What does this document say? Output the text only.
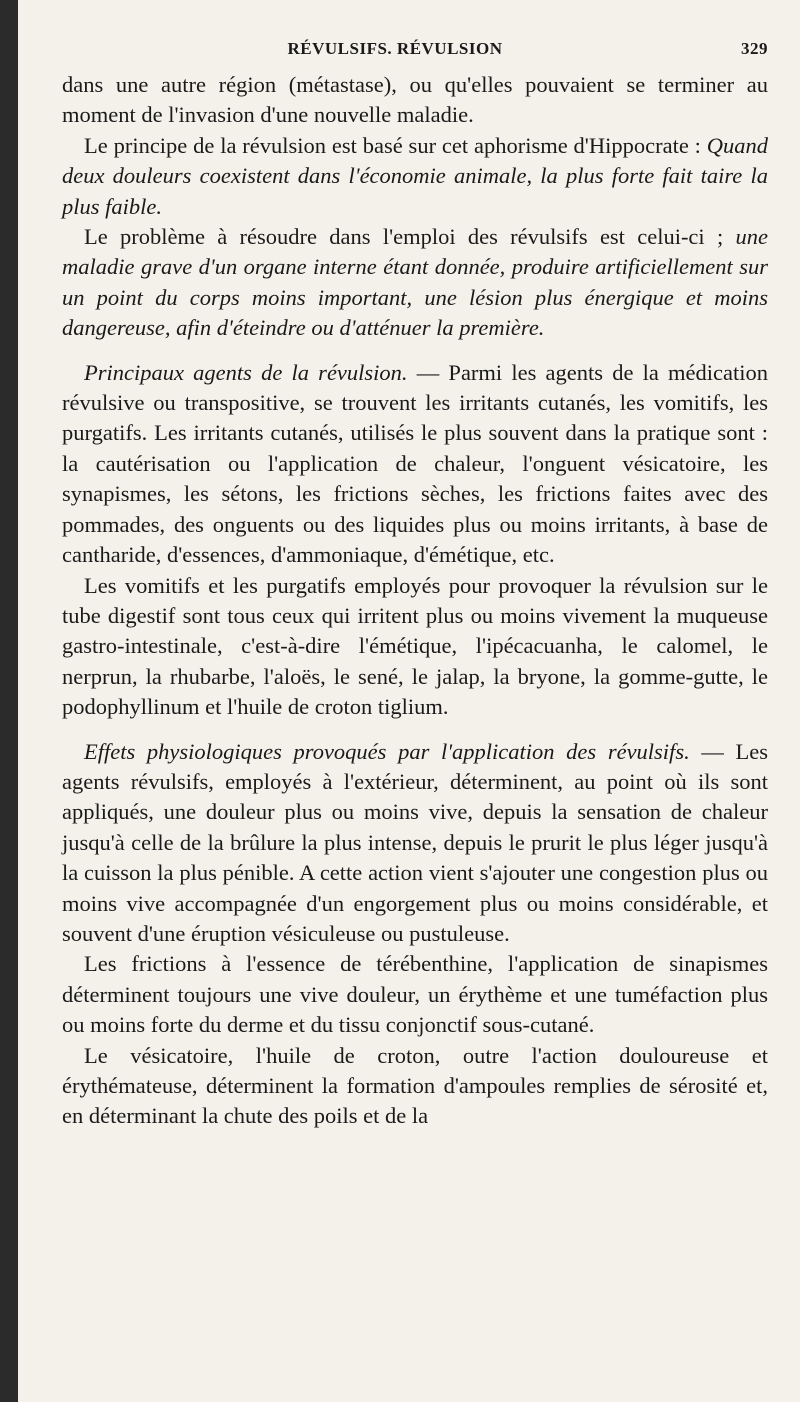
RÉVULSIFS. RÉVULSION	329

dans une autre région (métastase), ou qu'elles pouvaient se terminer au moment de l'invasion d'une nouvelle maladie.

Le principe de la révulsion est basé sur cet aphorisme d'Hippocrate : Quand deux douleurs coexistent dans l'économie animale, la plus forte fait taire la plus faible.

Le problème à résoudre dans l'emploi des révulsifs est celui-ci ; une maladie grave d'un organe interne étant donnée, produire artificiellement sur un point du corps moins important, une lésion plus énergique et moins dangereuse, afin d'éteindre ou d'atténuer la première.

Principaux agents de la révulsion. — Parmi les agents de la médication révulsive ou transpositive, se trouvent les irritants cutanés, les vomitifs, les purgatifs. Les irritants cutanés, utilisés le plus souvent dans la pratique sont : la cautérisation ou l'application de chaleur, l'onguent vésicatoire, les synapismes, les sétons, les frictions sèches, les frictions faites avec des pommades, des onguents ou des liquides plus ou moins irritants, à base de cantharide, d'essences, d'ammoniaque, d'émétique, etc.

Les vomitifs et les purgatifs employés pour provoquer la révulsion sur le tube digestif sont tous ceux qui irritent plus ou moins vivement la muqueuse gastro-intestinale, c'est-à-dire l'émétique, l'ipécacuanha, le calomel, le nerprun, la rhubarbe, l'aloës, le sené, le jalap, la bryone, la gomme-gutte, le podophyllinum et l'huile de croton tiglium.

Effets physiologiques provoqués par l'application des révulsifs. — Les agents révulsifs, employés à l'extérieur, déterminent, au point où ils sont appliqués, une douleur plus ou moins vive, depuis la sensation de chaleur jusqu'à celle de la brûlure la plus intense, depuis le prurit le plus léger jusqu'à la cuisson la plus pénible. A cette action vient s'ajouter une congestion plus ou moins vive accompagnée d'un engorgement plus ou moins considérable, et souvent d'une éruption vésiculeuse ou pustuleuse.

Les frictions à l'essence de térébenthine, l'application de sinapismes déterminent toujours une vive douleur, un érythème et une tuméfaction plus ou moins forte du derme et du tissu conjonctif sous-cutané.

Le vésicatoire, l'huile de croton, outre l'action douloureuse et érythémateuse, déterminent la formation d'ampoules remplies de sérosité et, en déterminant la chute des poils et de la
